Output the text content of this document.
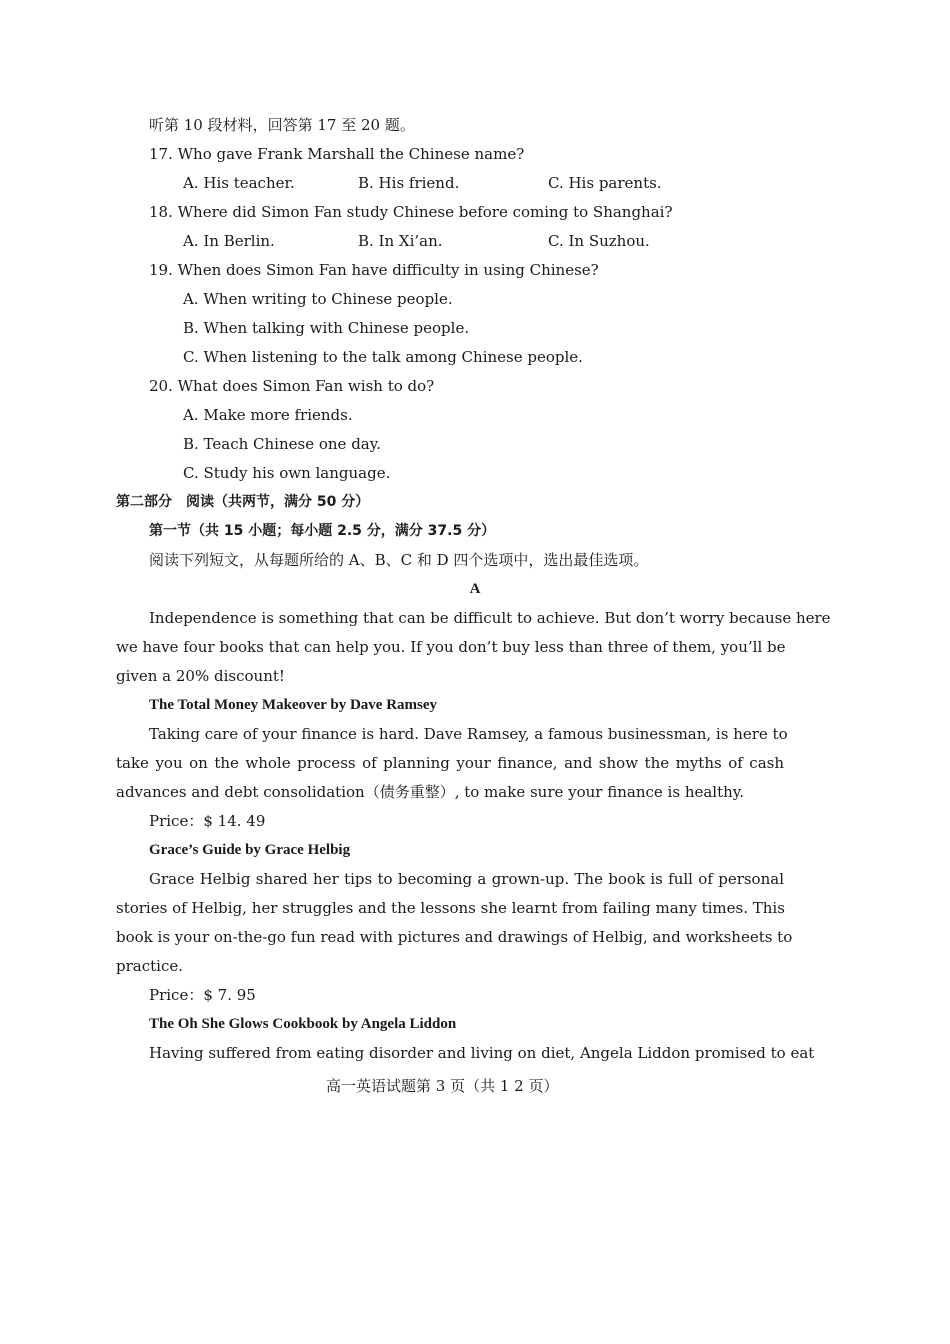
听第 10 段材料，回答第 17 至 20 题。
17. Who gave Frank Marshall the Chinese name?
A. His teacher.	B. His friend.	C. His parents.
18. Where did Simon Fan study Chinese before coming to Shanghai?
A. In Berlin.	B. In Xi’an.	C. In Suzhou.
19. When does Simon Fan have difficulty in using Chinese?
A. When writing to Chinese people.
B. When talking with Chinese people.
C. When listening to the talk among Chinese people.
20. What does Simon Fan wish to do?
A. Make more friends.
B. Teach Chinese one day.
C. Study his own language.
第二部分　阅读（共两节，满分 50 分）
第一节（共 15 小题；每小题 2.5 分，满分 37.5 分）
阅读下列短文，从每题所给的 A、B、C 和 D 四个选项中，选出最佳选项。
A
Independence is something that can be difficult to achieve. But don’t worry because here
we have four books that can help you. If you don’t buy less than three of them, you’ll be
given a 20% discount!
The Total Money Makeover by Dave Ramsey
Taking care of your finance is hard. Dave Ramsey, a famous businessman, is here to
take you on the whole process of planning your finance, and show the myths of cash
advances and debt consolidation（债务重整）, to make sure your finance is healthy.
Price：$ 14. 49
Grace’s Guide by Grace Helbig
Grace Helbig shared her tips to becoming a grown-up. The book is full of personal
stories of Helbig, her struggles and the lessons she learnt from failing many times. This
book is your on-the-go fun read with pictures and drawings of Helbig, and worksheets to
practice.
Price：$ 7. 95
The Oh She Glows Cookbook by Angela Liddon
Having suffered from eating disorder and living on diet, Angela Liddon promised to eat
高一英语试题第 3 页（共 1 2 页）
